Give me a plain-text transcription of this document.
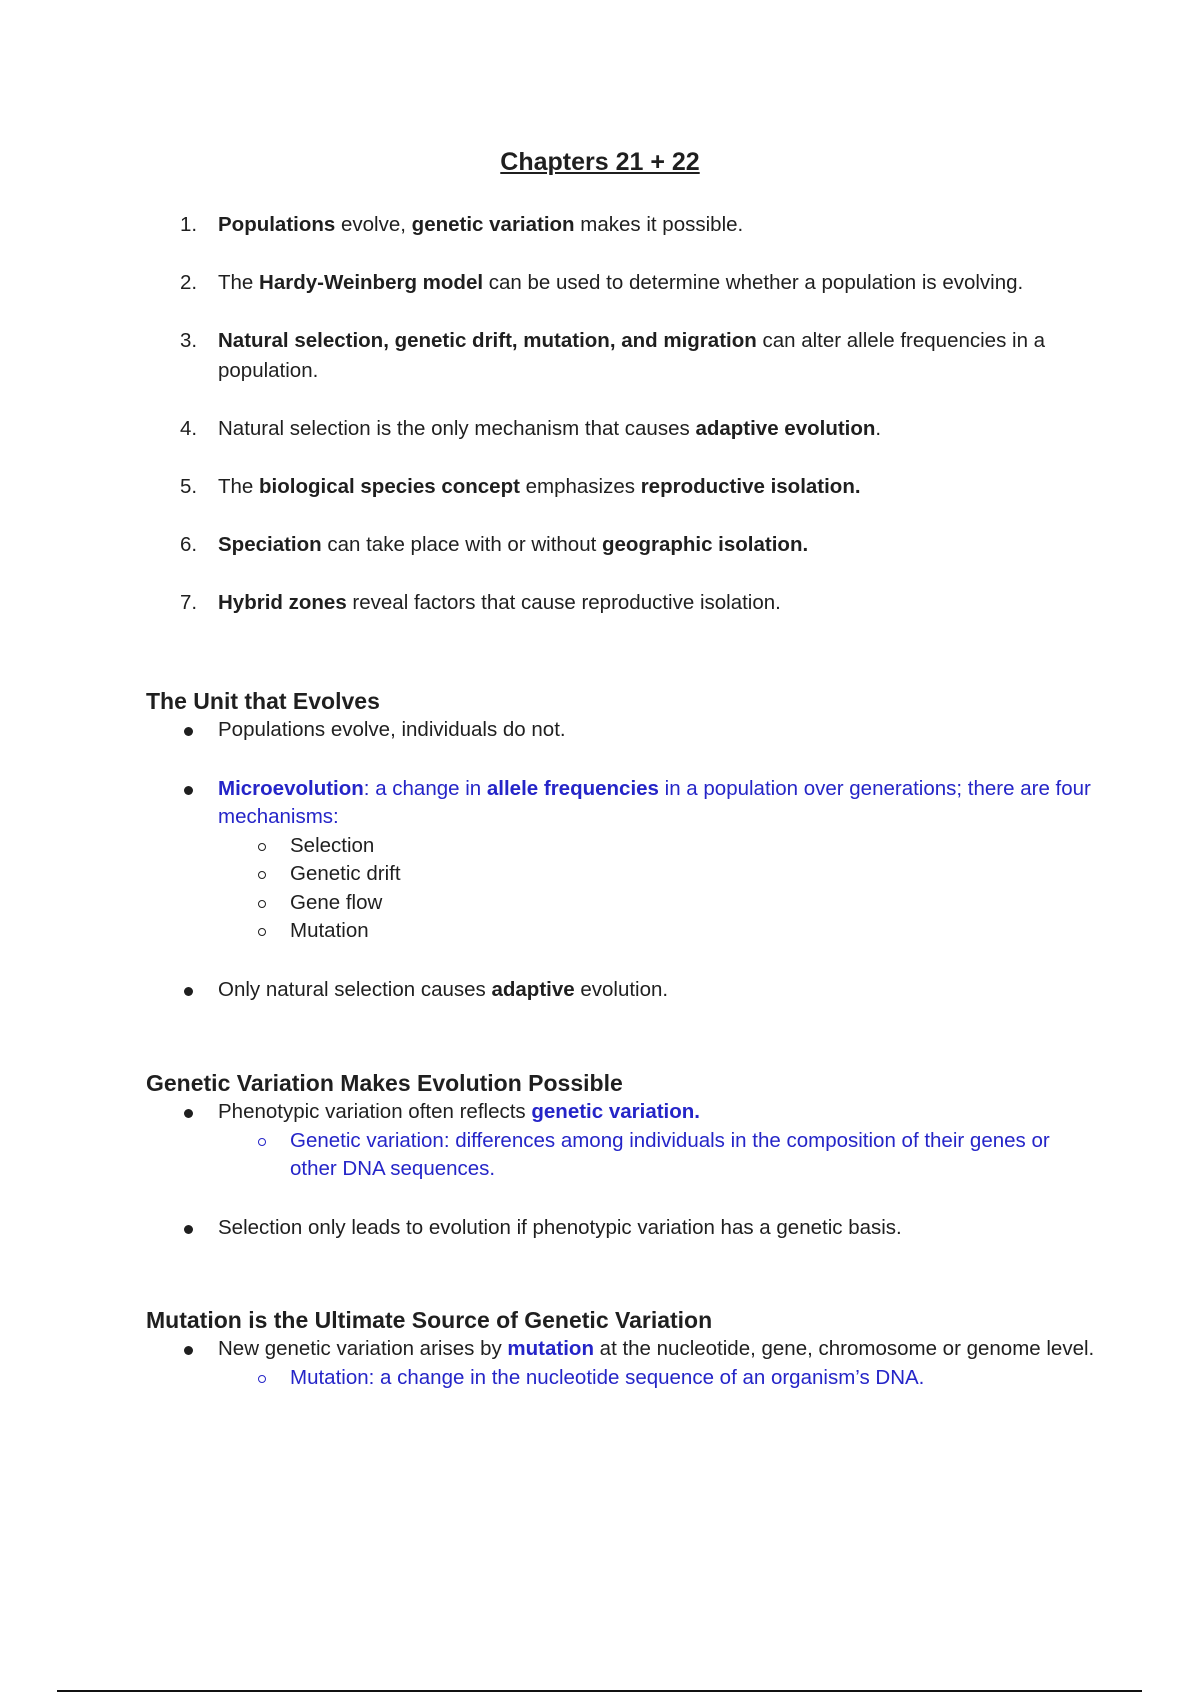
Chapters 21 + 22
1. Populations evolve, genetic variation makes it possible.
2. The Hardy-Weinberg model can be used to determine whether a population is evolving.
3. Natural selection, genetic drift, mutation, and migration can alter allele frequencies in a population.
4. Natural selection is the only mechanism that causes adaptive evolution.
5. The biological species concept emphasizes reproductive isolation.
6. Speciation can take place with or without geographic isolation.
7. Hybrid zones reveal factors that cause reproductive isolation.
The Unit that Evolves
Populations evolve, individuals do not.
Microevolution: a change in allele frequencies in a population over generations; there are four mechanisms:
Selection
Genetic drift
Gene flow
Mutation
Only natural selection causes adaptive evolution.
Genetic Variation Makes Evolution Possible
Phenotypic variation often reflects genetic variation.
Genetic variation: differences among individuals in the composition of their genes or other DNA sequences.
Selection only leads to evolution if phenotypic variation has a genetic basis.
Mutation is the Ultimate Source of Genetic Variation
New genetic variation arises by mutation at the nucleotide, gene, chromosome or genome level.
Mutation: a change in the nucleotide sequence of an organism’s DNA.
